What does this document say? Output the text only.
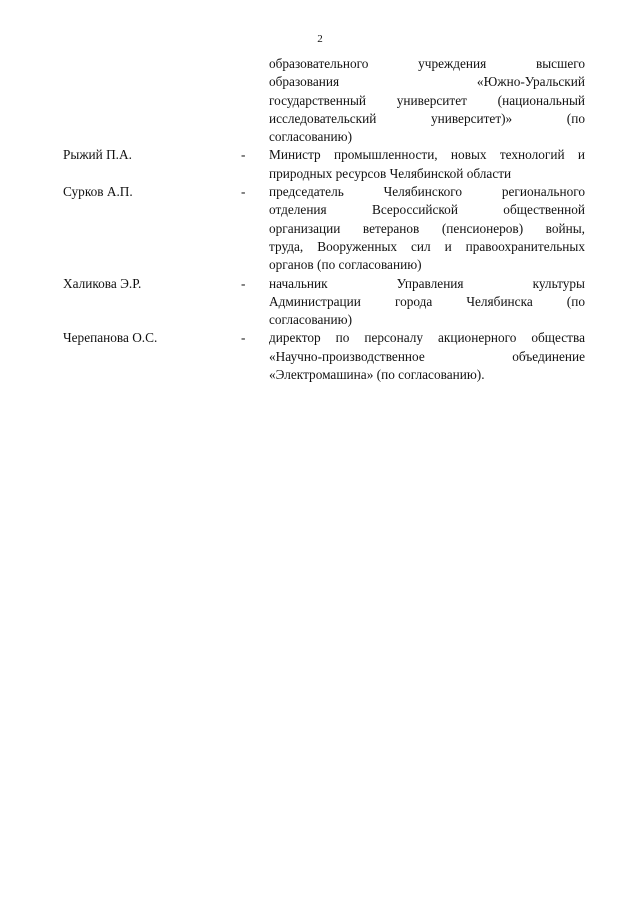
2
образовательного учреждения высшего
образования «Южно-Уральский
государственный университет (национальный
исследовательский университет)» (по
согласованию)
Рыжий П.А.	-	Министр промышленности, новых технологий и
природных ресурсов Челябинской области
Сурков А.П.	-	председатель Челябинского регионального
отделения Всероссийской общественной
организации ветеранов (пенсионеров) войны,
труда, Вооруженных сил и правоохранительных
органов (по согласованию)
Халикова Э.Р.	-	начальник Управления культуры
Администрации города Челябинска (по
согласованию)
Черепанова О.С.	-	директор по персоналу акционерного общества
«Научно-производственное объединение
«Электромашина» (по согласованию).
